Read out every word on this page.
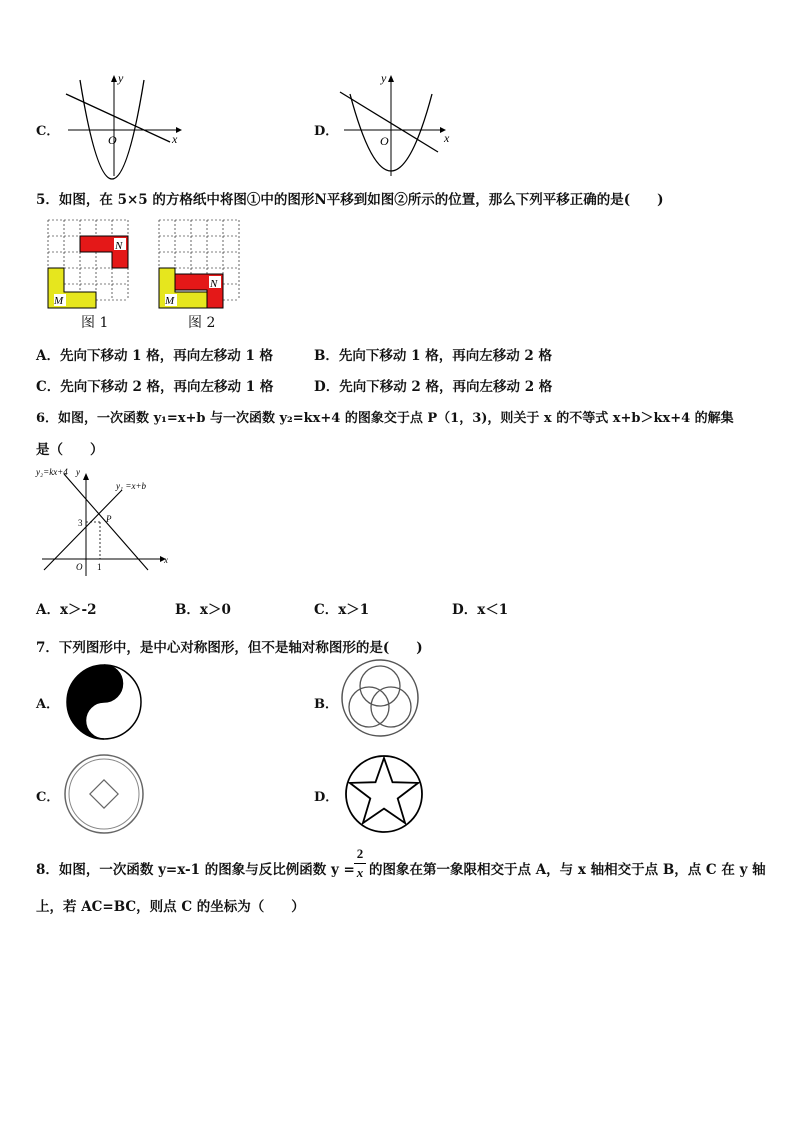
C．
y
x
O
D．
y
x
O
5．如图，在 5×5 的方格纸中将图①中的图形N平移到如图②所示的位置，那么下列平移正确的是(　　)
N
M
图 1
M
N
图 2
A．先向下移动 1 格，再向左移动 1 格	B．先向下移动 1 格，再向左移动 2 格
C．先向下移动 2 格，再向左移动 1 格	D．先向下移动 2 格，再向左移动 2 格
6．如图，一次函数 y₁=x+b 与一次函数 y₂=kx+4 的图象交于点 P（1，3)，则关于 x 的不等式 x+b＞kx+4 的解集
是（　　）
y₂=kx+4 y
y₁ =x+b
P
3
O 1
x
A．x＞-2	B．x＞0	C．x＞1	D．x＜1
7．下列图形中，是中心对称图形，但不是轴对称图形的是(　　)
A．	B．
C．	D．
8．如图，一次函数 y=x-1 的图象与反比例函数 y =
2
x 的图象在第一象限相交于点 A，与 x 轴相交于点 B，点 C 在 y 轴
上，若 AC=BC，则点 C 的坐标为（　　）
